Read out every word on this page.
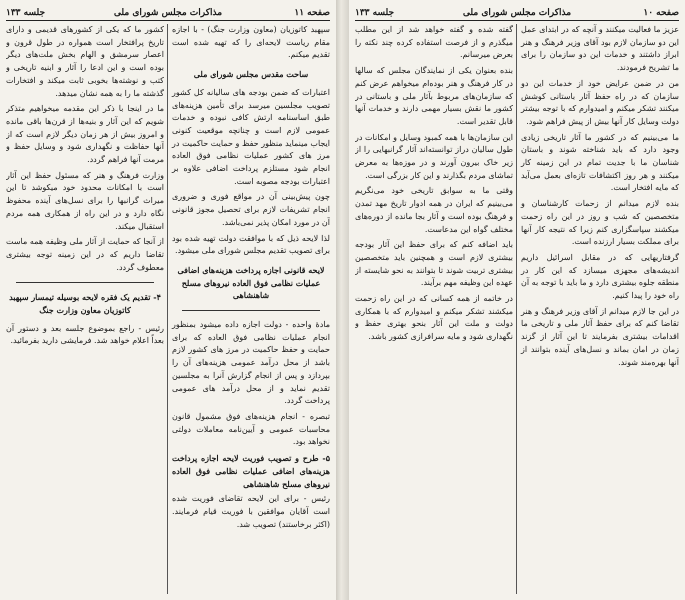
صفحه ۱۱
مذاکرات مجلس شورای ملی
جلسه ۱۳۳

سپهبد کاتوزیان (معاون وزارت جنگ) - با اجازه مقام ریاست لایحه‌ای را که تهیه شده است تقدیم میکنم.

ساحت مقدس مجلس شورای ملی

اعتبارات که ضمن بودجه های سالیانه کل کشور تصویب مجلسین میرسد برای تأمین هزینه‌های طبق اساسنامه ارتش کافی نبوده و خدمات عمومی لازم است و چنانچه موقعیت کنونی ایجاب مینماید منظور حفظ و حمایت حاکمیت در مرز های کشور عملیات نظامی فوق العاده انجام شود مستلزم پرداخت اضافی علاوه بر اعتبارات بودجه مصوبه است.

چون پیش‌بینی آن در مواقع فوری و ضروری انجام تشریفات لازم برای تحصیل مجوز قانونی آن در مورد امکان پذیر نمی‌باشد.

لذا لایحه ذیل که با موافقت دولت تهیه شده بود برای تصویب تقدیم مجلس شورای ملی میشود.

لایحه قانونی اجازه پرداخت هزینه‌های اضافی عملیات نظامی فوق العاده نیروهای مسلح شاهنشاهی

مادهٔ واحده - دولت اجازه داده میشود بمنظور انجام عملیات نظامی فوق العاده که برای حمایت و حفظ حاکمیت در مرز های کشور لازم باشد از محل درآمد عمومی هزینه‌های آن را بپردازد و پس از انجام گزارش آنرا به مجلسین تقدیم نماید و از محل درآمد های عمومی پرداخت گردد.

تبصره - انجام هزینه‌های فوق مشمول قانون محاسبات عمومی و آیین‌نامه معاملات دولتی نخواهد بود.

۵- طرح و تصویب فوریت لایحه اجازه پرداخت هزینه‌های اضافی عملیات نظامی فوق العاده نیروهای مسلح شاهنشاهی

رئیس - برای این لایحه تقاضای فوریت شده است آقایان موافقین با فوریت قیام فرمایند. (اکثر برخاستند) تصویب شد.

کشور ما که یکی از کشورهای قدیمی و دارای تاریخ پرافتخار است همواره در طول قرون و اعصار سرمشق و الهام بخش ملت‌های دیگر بوده است و این ادعا را آثار و ابنیه تاریخی و کتب و نوشته‌ها بخوبی ثابت میکند و افتخارات گذشته ما را به همه نشان میدهد.

ما در اینجا با ذکر این مقدمه میخواهیم متذکر شویم که این آثار و بنیه‌ها از قرن‌ها باقی مانده و امروز بیش از هر زمان دیگر لازم است که از آنها حفاظت و نگهداری شود و وسایل حفظ و مرمت آنها فراهم گردد.

وزارت فرهنگ و هنر که مسئول حفظ این آثار است با امکانات محدود خود میکوشد تا این میراث گرانبها را برای نسل‌های آینده محفوظ نگاه دارد و در این راه از همکاری همه مردم استقبال میکند.

از آنجا که حمایت از آثار ملی وظیفه همه ماست تقاضا داریم که در این زمینه توجه بیشتری معطوف گردد.

۴- تقدیم یک فقره لایحه بوسیله تیمسار سپهبد کاتوزیان معاون وزارت جنگ

رئیس - راجع بموضوع جلسه بعد و دستور آن بعداً اعلام خواهد شد. فرمایشی دارید بفرمائید.

صفحه ۱۰
مذاکرات مجلس شورای ملی
جلسه ۱۳۳

عزیز ما فعالیت میکنند و آنچه که در ابتدای عمل این دو سازمان لازم بود آقای وزیر فرهنگ و هنر ابراز داشتند و خدمات این دو سازمان را برای ما تشریح فرمودند.

من در ضمن عرایض خود از خدمات این دو سازمان که در راه حفظ آثار باستانی کوشش میکنند تشکر میکنم و امیدوارم که با توجه بیشتر دولت وسایل کار آنها بیش از پیش فراهم شود.

ما می‌بینیم که در کشور ما آثار تاریخی زیادی وجود دارد که باید شناخته شوند و باستان شناسان ما با جدیت تمام در این زمینه کار میکنند و هر روز اکتشافات تازه‌ای بعمل می‌آید که مایه افتخار است.

بنده لازم میدانم از زحمات کارشناسان و متخصصین که شب و روز در این راه زحمت میکشند سپاسگزاری کنم زیرا که نتیجه کار آنها برای مملکت بسیار ارزنده است.

گرفتاریهایی که در مقابل اسرائیل داریم اندیشه‌های مجهزی میسازد که این کار در منطقه جلوه بیشتری دارد و ما باید با توجه به آن راه خود را پیدا کنیم.

در این جا لازم میدانم از آقای وزیر فرهنگ و هنر تقاضا کنم که برای حفظ آثار ملی و تاریخی ما اقدامات بیشتری بفرمایند تا این آثار از گزند زمان در امان بماند و نسل‌های آینده بتوانند از آنها بهره‌مند شوند.

گفته شده و گفته خواهد شد از این مطلب میگذرم و از فرصت استفاده کرده چند نکته را بعرض میرسانم.

بنده بعنوان یکی از نمایندگان مجلس که سالها در کار فرهنگ و هنر بوده‌ام میخواهم عرض کنم که سازمان‌های مربوط بآثار ملی و باستانی در کشور ما نقش بسیار مهمی دارند و خدمات آنها قابل تقدیر است.

این سازمان‌ها با همه کمبود وسایل و امکانات در طول سالیان دراز توانسته‌اند آثار گرانبهایی را از زیر خاک بیرون آورند و در موزه‌ها به معرض تماشای مردم بگذارند و این کار بزرگی است.

وقتی ما به سوابق تاریخی خود می‌نگریم می‌بینیم که ایران در همه ادوار تاریخ مهد تمدن و فرهنگ بوده است و آثار بجا مانده از دوره‌های مختلف گواه این مدعاست.

باید اضافه کنم که برای حفظ این آثار بودجه بیشتری لازم است و همچنین باید متخصصین بیشتری تربیت شوند تا بتوانند به نحو شایسته از عهده این وظیفه مهم برآیند.

در خاتمه از همه کسانی که در این راه زحمت میکشند تشکر میکنم و امیدوارم که با همکاری دولت و ملت این آثار بنحو بهتری حفظ و نگهداری شود و مایه سرافرازی کشور باشد.
